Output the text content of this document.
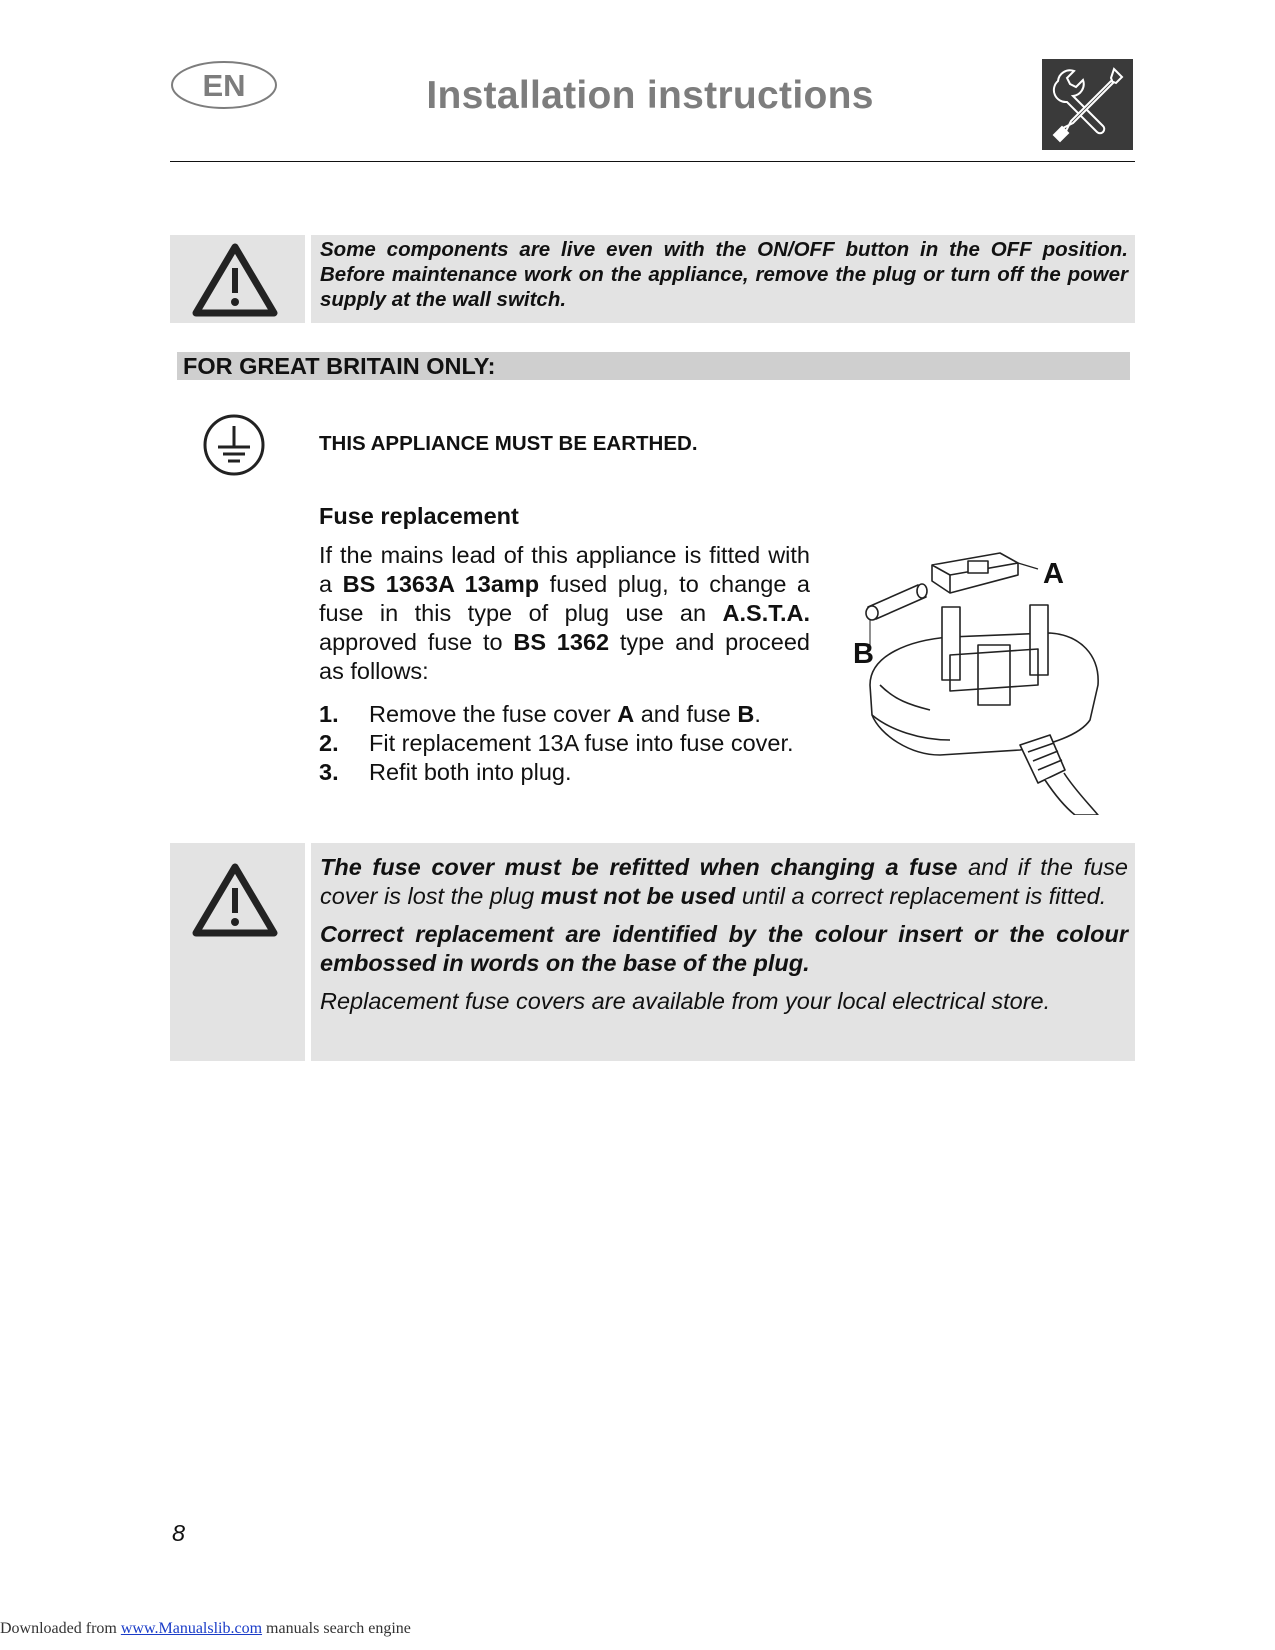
EN	Installation instructions

Some components are live even with the ON/OFF button in the OFF position. Before maintenance work on the appliance, remove the plug or turn off the power supply at the wall switch.

FOR GREAT BRITAIN ONLY:
THIS APPLIANCE MUST BE EARTHED.
Fuse replacement

If the mains lead of this appliance is fitted with a BS 1363A 13amp fused plug, to change a fuse in this type of plug use an A.S.T.A. approved fuse to BS 1362 type and proceed as follows:

1.	Remove the fuse cover A and fuse B.
2.	Fit replacement 13A fuse into fuse cover.
3.	Refit both into plug.
A
B

The fuse cover must be refitted when changing a fuse and if the fuse cover is lost the plug must not be used until a correct replacement is fitted.

Correct replacement are identified by the colour insert or the colour embossed in words on the base of the plug.

Replacement fuse covers are available from your local electrical store.

8
Downloaded from www.Manualslib.com manuals search engine
